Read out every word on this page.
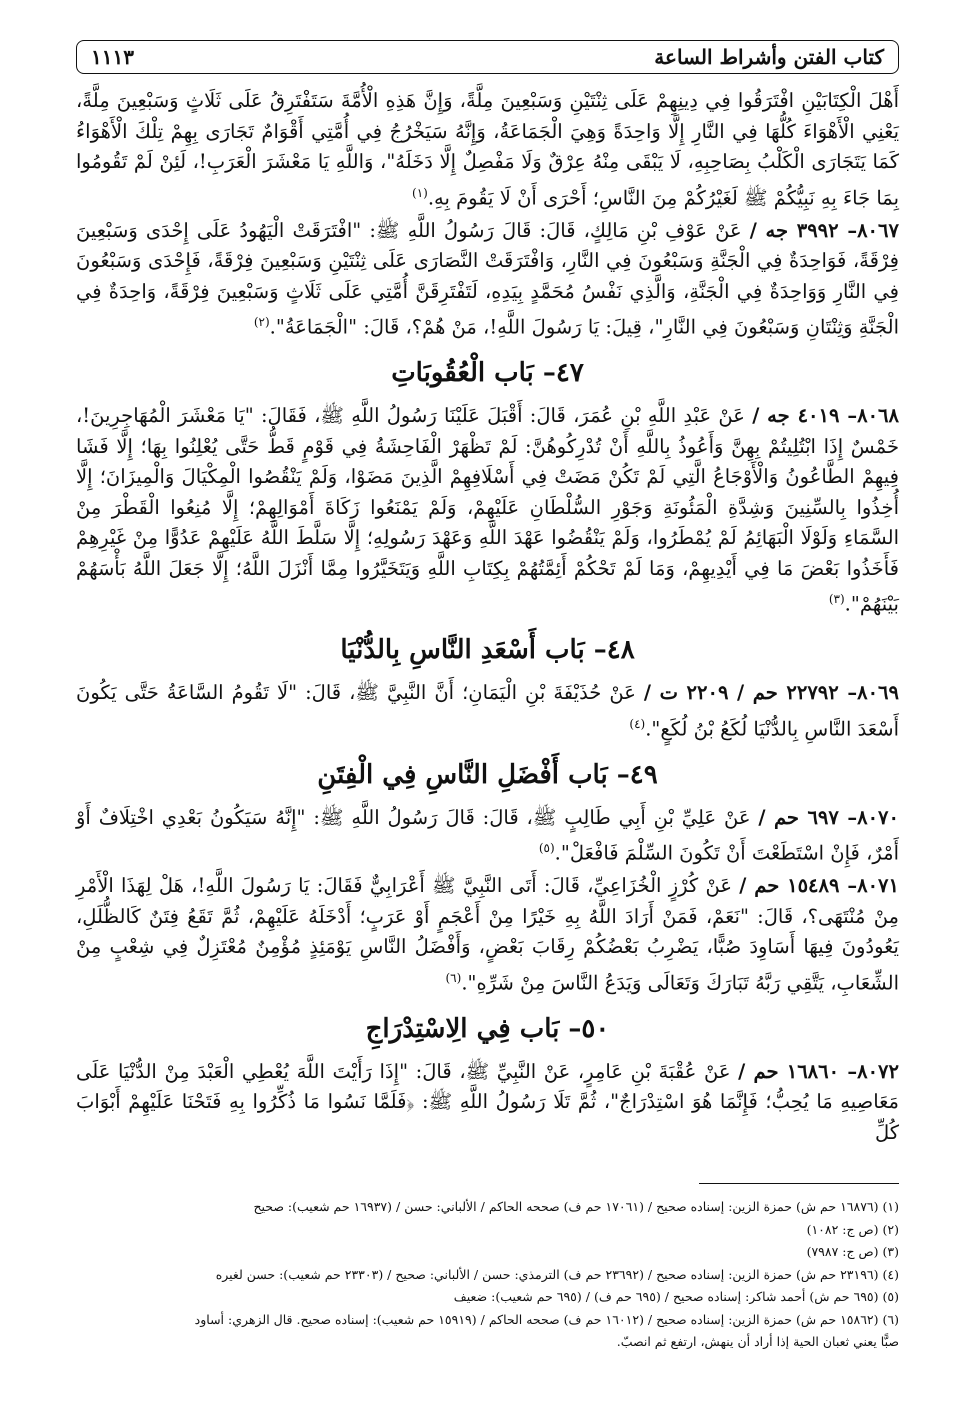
كتاب الفتن وأشراط الساعة
١١١٣

أَهْلَ الْكِتَابَيْنِ افْتَرَقُوا فِي دِينِهِمْ عَلَى ثِنْتَيْنِ وَسَبْعِينَ مِلَّةً، وَإِنَّ هَذِهِ الْأُمَّةَ سَتَفْتَرِقُ عَلَى ثَلَاثٍ وَسَبْعِينَ مِلَّةً، يَعْنِي الْأَهْوَاءَ كُلُّهَا فِي النَّارِ إِلَّا وَاحِدَةً وَهِيَ الْجَمَاعَةُ، وَإِنَّهُ سَيَخْرُجُ فِي أُمَّتِي أَقْوَامٌ تَجَارَى بِهِمْ تِلْكَ الْأَهْوَاءُ كَمَا يَتَجَارَى الْكَلْبُ بِصَاحِبِهِ، لَا يَبْقَى مِنْهُ عِرْقٌ وَلَا مَفْصِلٌ إِلَّا دَخَلَهُ"، وَاللَّهِ يَا مَعْشَرَ الْعَرَبِ!، لَئِنْ لَمْ تَقُومُوا بِمَا جَاءَ بِهِ نَبِيُّكُمْ ﷺ لَغَيْرُكُمْ مِنَ النَّاسِ؛ أَحْرَى أَنْ لَا يَقُومَ بِهِ.$^{(١)}$

٨٠٦٧– ٣٩٩٢ جه / عَنْ عَوْفِ بْنِ مَالِكٍ، قَالَ: قَالَ رَسُولُ اللَّهِ ﷺ: "افْتَرَقَتْ الْيَهُودُ عَلَى إِحْدَى وَسَبْعِينَ فِرْقَةً، فَوَاحِدَةٌ فِي الْجَنَّةِ وَسَبْعُونَ فِي النَّارِ، وَافْتَرَقَتْ النَّصَارَى عَلَى ثِنْتَيْنِ وَسَبْعِينَ فِرْقَةً، فَإِحْدَى وَسَبْعُونَ فِي النَّارِ وَوَاحِدَةٌ فِي الْجَنَّةِ، وَالَّذِي نَفْسُ مُحَمَّدٍ بِيَدِهِ، لَتَفْتَرِقَنَّ أُمَّتِي عَلَى ثَلَاثٍ وَسَبْعِينَ فِرْقَةً، وَاحِدَةٌ فِي الْجَنَّةِ وَثِنْتَانِ وَسَبْعُونَ فِي النَّارِ"، قِيلَ: يَا رَسُولَ اللَّهِ!، مَنْ هُمْ؟، قَالَ: "الْجَمَاعَةُ".$^{(٢)}$

٤٧– بَاب الْعُقُوبَاتِ

٨٠٦٨– ٤٠١٩ جه / عَنْ عَبْدِ اللَّهِ بْنِ عُمَرَ، قَالَ: أَقْبَلَ عَلَيْنَا رَسُولُ اللَّهِ ﷺ، فَقَالَ: "يَا مَعْشَرَ الْمُهَاجِرِينَ!، خَمْسٌ إِذَا ابْتُلِيتُمْ بِهِنَّ وَأَعُوذُ بِاللَّهِ أَنْ تُدْرِكُوهُنَّ: لَمْ تَظْهَرْ الْفَاحِشَةُ فِي قَوْمٍ قَطُّ حَتَّى يُعْلِنُوا بِهَا؛ إِلَّا فَشَا فِيهِمْ الطَّاعُونُ وَالْأَوْجَاعُ الَّتِي لَمْ تَكُنْ مَضَتْ فِي أَسْلَافِهِمْ الَّذِينَ مَضَوْا، وَلَمْ يَنْقُصُوا الْمِكْيَالَ وَالْمِيزَانَ؛ إِلَّا أُخِذُوا بِالسِّنِينَ وَشِدَّةِ الْمَئُونَةِ وَجَوْرِ السُّلْطَانِ عَلَيْهِمْ، وَلَمْ يَمْنَعُوا زَكَاةَ أَمْوَالِهِمْ؛ إِلَّا مُنِعُوا الْقَطْرَ مِنْ السَّمَاءِ وَلَوْلَا الْبَهَائِمُ لَمْ يُمْطَرُوا، وَلَمْ يَنْقُضُوا عَهْدَ اللَّهِ وَعَهْدَ رَسُولِهِ؛ إِلَّا سَلَّطَ اللَّهُ عَلَيْهِمْ عَدُوًّا مِنْ غَيْرِهِمْ فَأَخَذُوا بَعْضَ مَا فِي أَيْدِيهِمْ، وَمَا لَمْ تَحْكُمْ أَئِمَّتُهُمْ بِكِتَابِ اللَّهِ وَيَتَخَيَّرُوا مِمَّا أَنْزَلَ اللَّهُ؛ إِلَّا جَعَلَ اللَّهُ بَأْسَهُمْ بَيْنَهُمْ".$^{(٣)}$

٤٨– بَاب أَسْعَدِ النَّاسِ بِالدُّنْيَا

٨٠٦٩– ٢٢٧٩٢ حم / ٢٢٠٩ ت / عَنْ حُذَيْفَةَ بْنِ الْيَمَانِ؛ أَنَّ النَّبِيَّ ﷺ، قَالَ: "لَا تَقُومُ السَّاعَةُ حَتَّى يَكُونَ أَسْعَدَ النَّاسِ بِالدُّنْيَا لُكَعُ بْنُ لُكَعٍ".$^{(٤)}$

٤٩– بَاب أَفْضَلِ النَّاسِ فِي الْفِتَنِ

٨٠٧٠– ٦٩٧ حم / عَنْ عَلِيِّ بْنِ أَبِي طَالِبٍ ﷺ، قَالَ: قَالَ رَسُولُ اللَّهِ ﷺ: "إِنَّهُ سَيَكُونُ بَعْدِي اخْتِلَافٌ أَوْ أَمْرٌ، فَإِنْ اسْتَطَعْتَ أَنْ تَكُونَ السِّلْمَ فَافْعَلْ".$^{(٥)}$

٨٠٧١– ١٥٤٨٩ حم / عَنْ كُرْزٍ الْخُزَاعِيِّ، قَالَ: أَتَى النَّبِيَّ ﷺ أَعْرَابِيٌّ فَقَالَ: يَا رَسُولَ اللَّهِ!، هَلْ لِهَذَا الْأَمْرِ مِنْ مُنْتَهَى؟، قَالَ: "نَعَمْ، فَمَنْ أَرَادَ اللَّهُ بِهِ خَيْرًا مِنْ أَعْجَمٍ أَوْ عَرَبٍ؛ أَدْخَلَهُ عَلَيْهِمْ، ثُمَّ تَقَعُ فِتَنٌ كَالظُّلَلِ، يَعُودُونَ فِيهَا أَسَاوِدَ صُبًّا، يَضْرِبُ بَعْضُكُمْ رِقَابَ بَعْضٍ، وَأَفْضَلُ النَّاسِ يَوْمَئِذٍ مُؤْمِنٌ مُعْتَزِلٌ فِي شِعْبٍ مِنْ الشِّعَابِ، يَتَّقِي رَبَّهُ تَبَارَكَ وَتَعَالَى وَيَدَعُ النَّاسَ مِنْ شَرِّهِ".$^{(٦)}$

٥٠– بَاب فِي الِاسْتِدْرَاجِ

٨٠٧٢– ١٦٨٦٠ حم / عَنْ عُقْبَةَ بْنِ عَامِرٍ، عَنْ النَّبِيِّ ﷺ، قَالَ: "إِذَا رَأَيْتَ اللَّهَ يُعْطِي الْعَبْدَ مِنْ الدُّنْيَا عَلَى مَعَاصِيهِ مَا يُحِبُّ؛ فَإِنَّمَا هُوَ اسْتِدْرَاجٌ"، ثُمَّ تَلَا رَسُولُ اللَّهِ ﷺ: ﴿فَلَمَّا نَسُوا مَا ذُكِّرُوا بِهِ فَتَحْنَا عَلَيْهِمْ أَبْوَابَ كُلِّ

(١) (١٦٨٧٦ حم ش) حمزة الزين: إسناده صحيح / (١٧٠٦١ حم ف) صححه الحاكم / الألباني: حسن / (١٦٩٣٧ حم شعيب): صحيح

(٢) (ص ج: ١٠٨٢)

(٣) (ص ج: ٧٩٨٧)

(٤) (٢٣١٩٦ حم ش) حمزة الزين: إسناده صحيح / (٢٣٦٩٢ حم ف) الترمذي: حسن / الألباني: صحيح / (٢٣٣٠٣ حم شعيب): حسن لغيره

(٥) (٦٩٥ حم ش) أحمد شاكر: إسناده صحيح / (٦٩٥ حم ف) / (٦٩٥ حم شعيب): ضعيف

(٦) (١٥٨٦٢ حم ش) حمزة الزين: إسناده صحيح / (١٦٠١٢ حم ف) صححه الحاكم / (١٥٩١٩ حم شعيب): إسناده صحيح. قال الزهري: أساود

صبًّا يعني ثعبان الحية إذا أراد أن ينهش، ارتفع ثم انصبّ.
